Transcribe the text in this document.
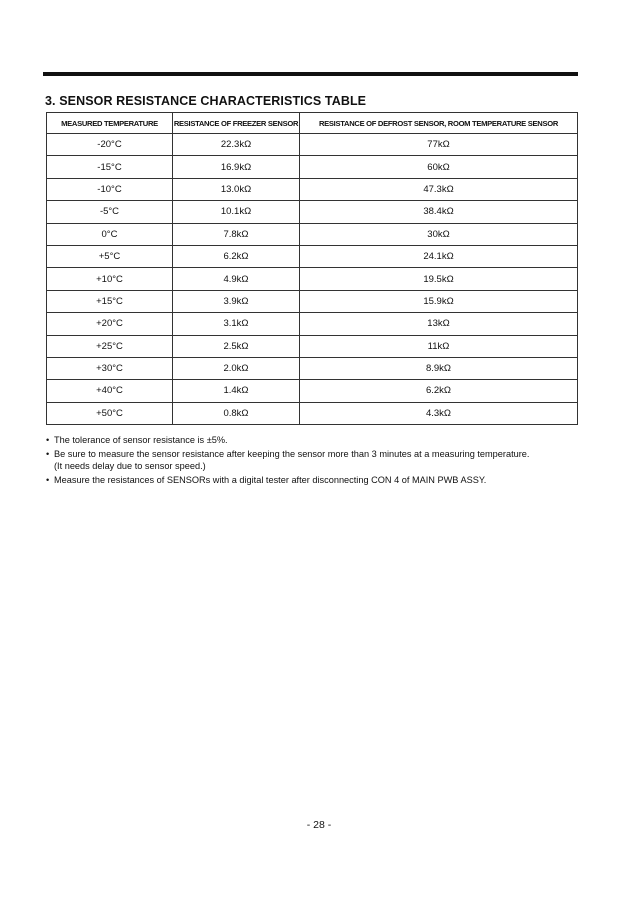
3. SENSOR RESISTANCE CHARACTERISTICS TABLE
MEASURED TEMPERATURE	RESISTANCE OF FREEZER SENSOR	RESISTANCE OF DEFROST SENSOR, ROOM TEMPERATURE SENSOR
-20°C	22.3kΩ	77kΩ
-15°C	16.9kΩ	60kΩ
-10°C	13.0kΩ	47.3kΩ
-5°C	10.1kΩ	38.4kΩ
0°C	7.8kΩ	30kΩ
+5°C	6.2kΩ	24.1kΩ
+10°C	4.9kΩ	19.5kΩ
+15°C	3.9kΩ	15.9kΩ
+20°C	3.1kΩ	13kΩ
+25°C	2.5kΩ	11kΩ
+30°C	2.0kΩ	8.9kΩ
+40°C	1.4kΩ	6.2kΩ
+50°C	0.8kΩ	4.3kΩ
• The tolerance of sensor resistance is ±5%.
• Be sure to measure the sensor resistance after keeping the sensor more than 3 minutes at a measuring temperature.
(It needs delay due to sensor speed.)
• Measure the resistances of SENSORs with a digital tester after disconnecting CON 4 of MAIN PWB ASSY.
- 28 -
